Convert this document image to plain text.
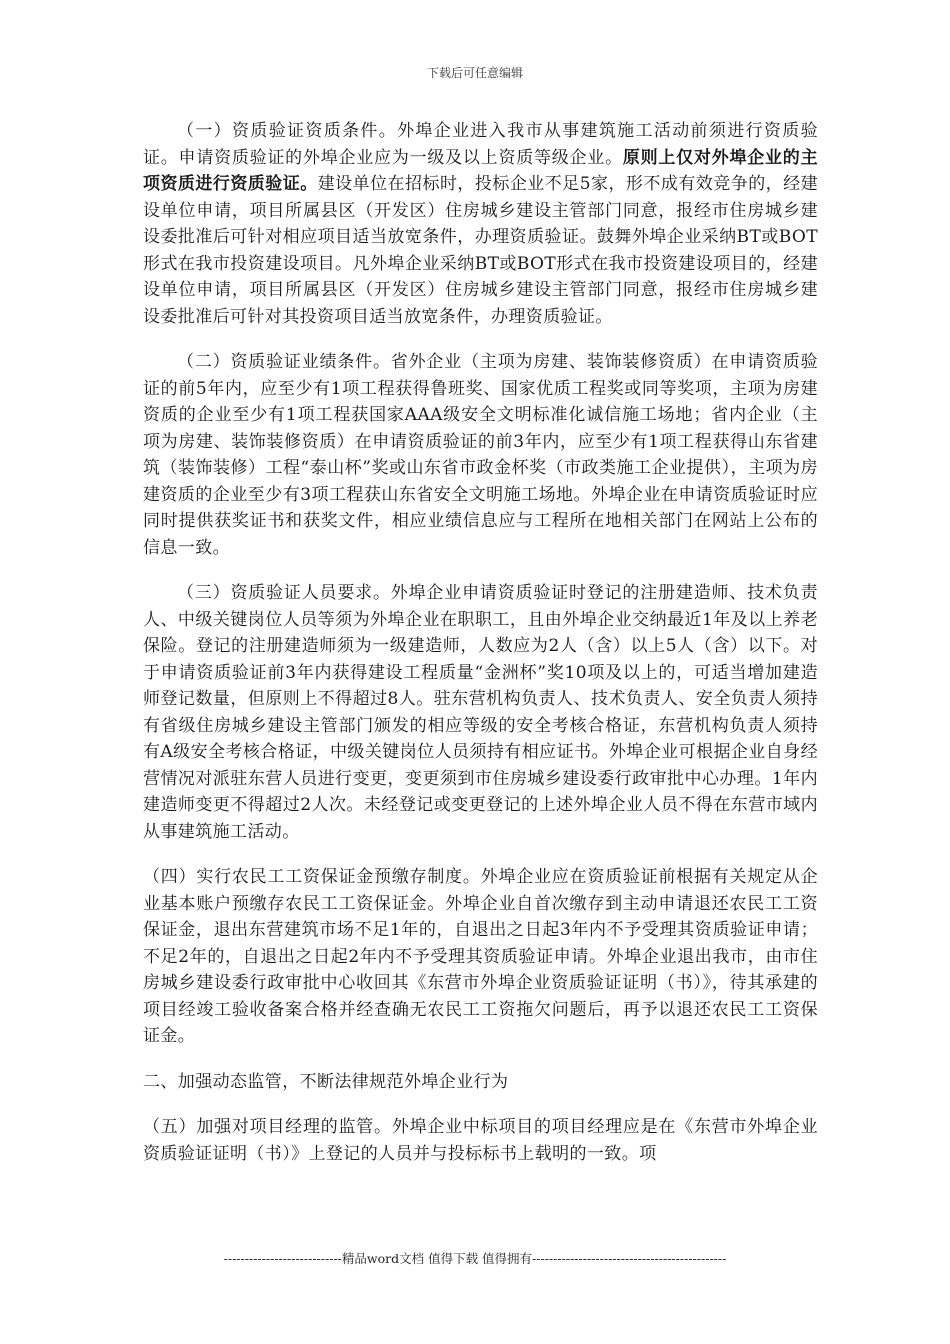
下载后可任意编辑

（一）资质验证资质条件。外埠企业进入我市从事建筑施工活动前须进行资质验证。申请资质验证的外埠企业应为一级及以上资质等级企业。原则上仅对外埠企业的主项资质进行资质验证。建设单位在招标时，投标企业不足5家，形不成有效竞争的，经建设单位申请，项目所属县区（开发区）住房城乡建设主管部门同意，报经市住房城乡建设委批准后可针对相应项目适当放宽条件，办理资质验证。鼓舞外埠企业采纳BT或BOT形式在我市投资建设项目。凡外埠企业采纳BT或BOT形式在我市投资建设项目的，经建设单位申请，项目所属县区（开发区）住房城乡建设主管部门同意，报经市住房城乡建设委批准后可针对其投资项目适当放宽条件，办理资质验证。

（二）资质验证业绩条件。省外企业（主项为房建、装饰装修资质）在申请资质验证的前5年内，应至少有1项工程获得鲁班奖、国家优质工程奖或同等奖项，主项为房建资质的企业至少有1项工程获国家AAA级安全文明标准化诚信施工场地；省内企业（主项为房建、装饰装修资质）在申请资质验证的前3年内，应至少有1项工程获得山东省建筑（装饰装修）工程“泰山杯”奖或山东省市政金杯奖（市政类施工企业提供），主项为房建资质的企业至少有3项工程获山东省安全文明施工场地。外埠企业在申请资质验证时应同时提供获奖证书和获奖文件，相应业绩信息应与工程所在地相关部门在网站上公布的信息一致。

（三）资质验证人员要求。外埠企业申请资质验证时登记的注册建造师、技术负责人、中级关键岗位人员等须为外埠企业在职职工，且由外埠企业交纳最近1年及以上养老保险。登记的注册建造师须为一级建造师，人数应为2人（含）以上5人（含）以下。对于申请资质验证前3年内获得建设工程质量“金洲杯”奖10项及以上的，可适当增加建造师登记数量，但原则上不得超过8人。驻东营机构负责人、技术负责人、安全负责人须持有省级住房城乡建设主管部门颁发的相应等级的安全考核合格证，东营机构负责人须持有A级安全考核合格证，中级关键岗位人员须持有相应证书。外埠企业可根据企业自身经营情况对派驻东营人员进行变更，变更须到市住房城乡建设委行政审批中心办理。1年内建造师变更不得超过2人次。未经登记或变更登记的上述外埠企业人员不得在东营市域内从事建筑施工活动。

（四）实行农民工工资保证金预缴存制度。外埠企业应在资质验证前根据有关规定从企业基本账户预缴存农民工工资保证金。外埠企业自首次缴存到主动申请退还农民工工资保证金，退出东营建筑市场不足1年的，自退出之日起3年内不予受理其资质验证申请；不足2年的，自退出之日起2年内不予受理其资质验证申请。外埠企业退出我市，由市住房城乡建设委行政审批中心收回其《东营市外埠企业资质验证证明（书）》，待其承建的项目经竣工验收备案合格并经查确无农民工工资拖欠问题后，再予以退还农民工工资保证金。

二、加强动态监管，不断法律规范外埠企业行为

（五）加强对项目经理的监管。外埠企业中标项目的项目经理应是在《东营市外埠企业资质验证证明（书）》上登记的人员并与投标标书上载明的一致。项

----------------------------精品word文档 值得下载 值得拥有----------------------------------------------
